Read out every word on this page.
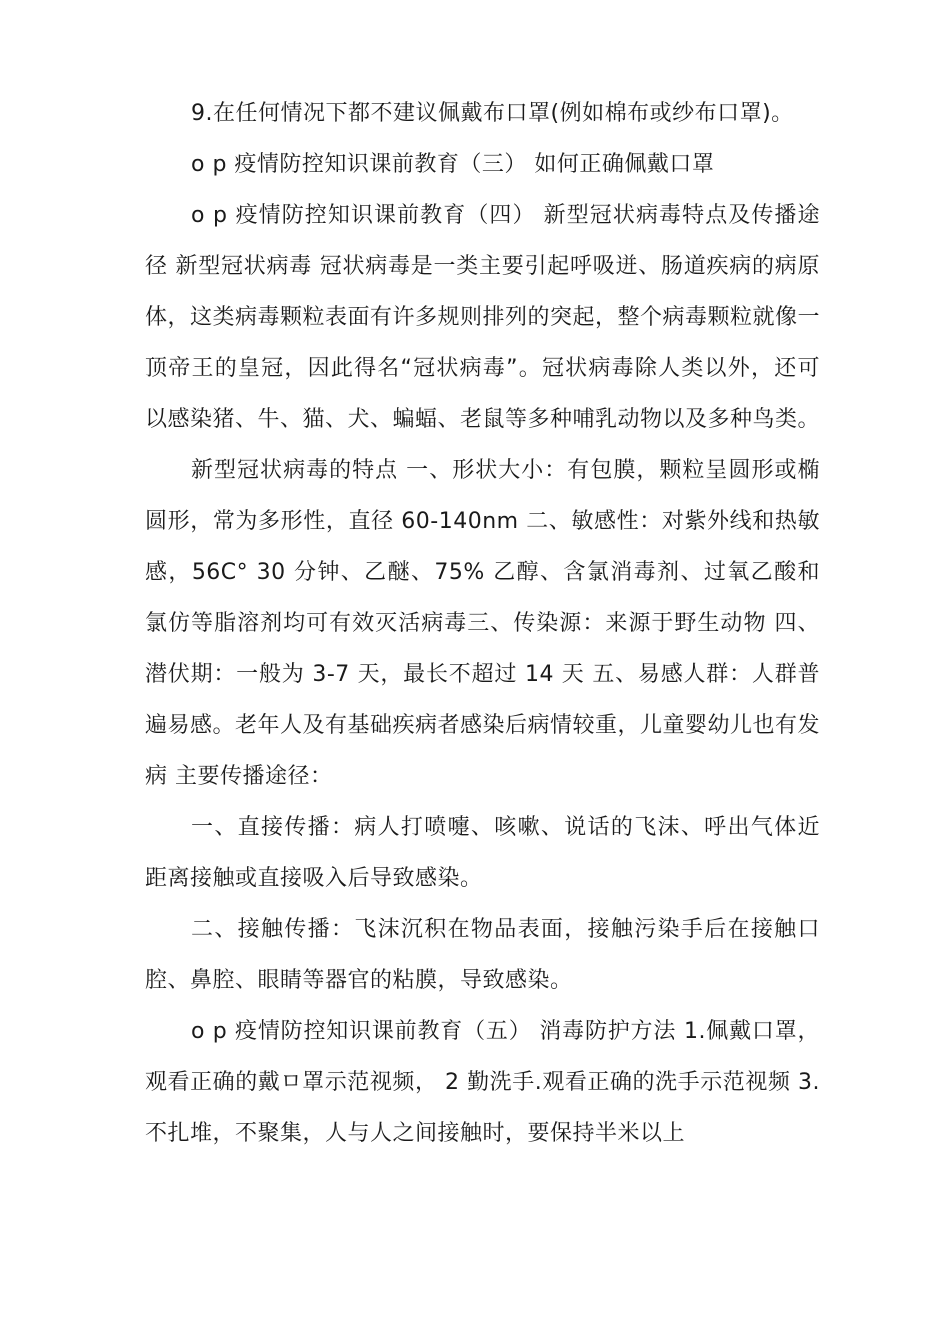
9.在任何情况下都不建议佩戴布口罩(例如棉布或纱布口罩)。

o p 疫情防控知识课前教育（三） 如何正确佩戴口罩

o p 疫情防控知识课前教育（四） 新型冠状病毒特点及传播途径 新型冠状病毒 冠状病毒是一类主要引起呼吸迸、肠道疾病的病原体，这类病毒颗粒表面有许多规则排列的突起，整个病毒颗粒就像一顶帝王的皇冠，因此得名“冠状病毒”。冠状病毒除人类以外，还可以感染猪、牛、猫、犬、蝙蝠、老鼠等多种哺乳动物以及多种鸟类。

新型冠状病毒的特点 一、形状大小：有包膜，颗粒呈圆形或椭圆形，常为多形性，直径 60-140nm 二、敏感性：对紫外线和热敏感，56C° 30 分钟、乙醚、75% 乙醇、含氯消毒剂、过氧乙酸和氯仿等脂溶剂均可有效灭活病毒三、传染源：来源于野生动物 四、潜伏期：一般为 3-7 天，最长不超过 14 天 五、易感人群：人群普遍易感。老年人及有基础疾病者感染后病情较重，儿童婴幼儿也有发病 主要传播途径：

一、直接传播：病人打喷嚏、咳嗽、说话的飞沫、呼出气体近距离接触或直接吸入后导致感染。

二、接触传播：飞沫沉积在物品表面，接触污染手后在接触口腔、鼻腔、眼睛等器官的粘膜，导致感染。

o p 疫情防控知识课前教育（五） 消毒防护方法 1.佩戴口罩，观看正确的戴ㅁ罩示范视频， 2 勤洗手.观看正确的洗手示范视频 3.不扎堆，不聚集，人与人之间接触时，要保持半米以上
